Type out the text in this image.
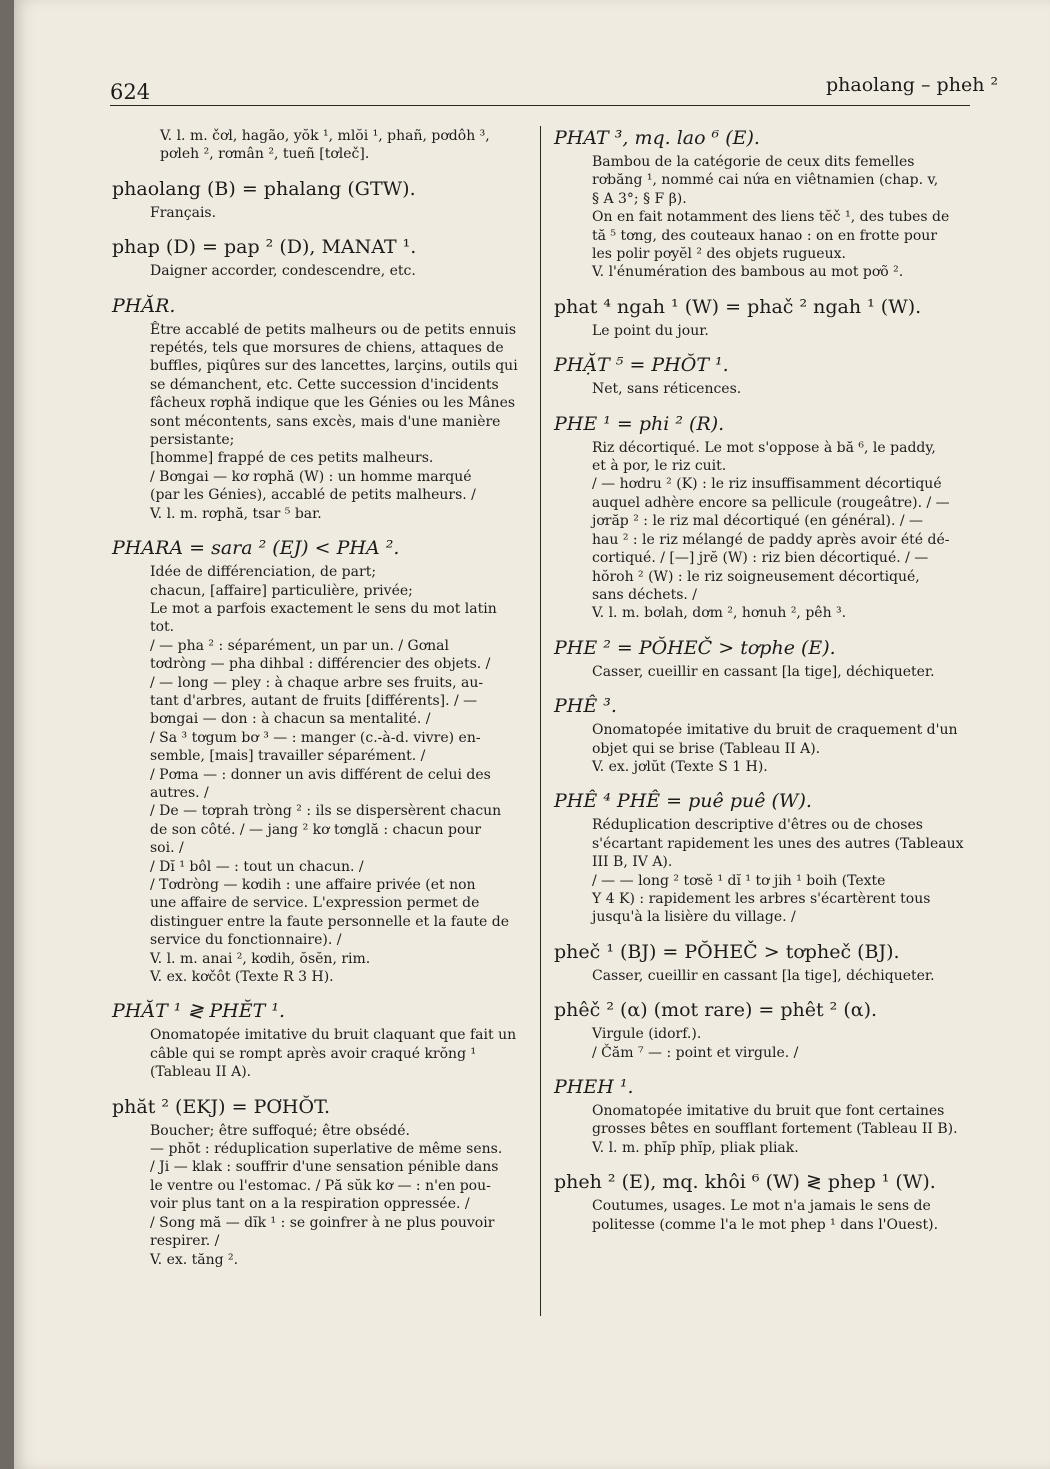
624	phaolang – pheh ²

V. l. m. čơl, hagão, yŏk ¹, mlŏi ¹, phañ, pơdôh ³,

pơleh ², rơmân ², tueñ [tơleč].

phaolang (B) = phalang (GTW).

Français.

phap (D) = pap ² (D), MANAT ¹.

Daigner accorder, condescendre, etc.

PHĂR.

Être accablé de petits malheurs ou de petits ennuis

repétés, tels que morsures de chiens, attaques de

buffles, piqûres sur des lancettes, larçins, outils qui

se démanchent, etc. Cette succession d'incidents

fâcheux rơphă indique que les Génies ou les Mânes

sont mécontents, sans excès, mais d'une manière

persistante;

[homme] frappé de ces petits malheurs.

/ Bơngai — kơ rơphă (W) : un homme marqué

(par les Génies), accablé de petits malheurs. /

V. l. m. rơphă, tsar ⁵ bar.

PHARA = sara ² (EJ) < PHA ².

Idée de différenciation, de part;

chacun, [affaire] particulière, privée;

Le mot a parfois exactement le sens du mot latin

tot.

/ — pha ² : séparément, un par un. / Gơnal

tơdròng — pha dihbal : différencier des objets. /

/ — long — pley : à chaque arbre ses fruits, au-

tant d'arbres, autant de fruits [différents]. / —

bơngai — don : à chacun sa mentalité. /

/ Sa ³ tơgum bơ ³ — : manger (c.-à-d. vivre) en-

semble, [mais] travailler séparément. /

/ Pơma — : donner un avis différent de celui des

autres. /

/ De — tơprah tròng ² : ils se dispersèrent chacun

de son côté. / — jang ² kơ tơnglă : chacun pour

soi. /

/ Dĭ ¹ bôl — : tout un chacun. /

/ Tơdròng — kơdih : une affaire privée (et non

une affaire de service. L'expression permet de

distinguer entre la faute personnelle et la faute de

service du fonctionnaire). /

V. l. m. anai ², kơdih, ŏsĕn, rim.

V. ex. kơčôt (Texte R 3 H).

PHĂT ¹ ≷ PHĔT ¹.

Onomatopée imitative du bruit claquant que fait un

câble qui se rompt après avoir craqué krŏng ¹

(Tableau II A).

phăt ² (EKJ) = PƠHŎT.

Boucher; être suffoqué; être obsédé.

— phŏt : réduplication superlative de même sens.

/ Ji — klak : souffrir d'une sensation pénible dans

le ventre ou l'estomac. / Pă sŭk kơ — : n'en pou-

voir plus tant on a la respiration oppressée. /

/ Song mă — dĭk ¹ : se goinfrer à ne plus pouvoir

respirer. /

V. ex. tăng ².

PHAT ³, mq. lao ⁶ (E).

Bambou de la catégorie de ceux dits femelles

rơbăng ¹, nommé cai nứa en viêtnamien (chap. v,

§ A 3°; § F β).

On en fait notamment des liens tĕč ¹, des tubes de

tă ⁵ tơng, des couteaux hanao : on en frotte pour

les polir pơyĕl ² des objets rugueux.

V. l'énumération des bambous au mot pơõ ².

phat ⁴ ngah ¹ (W) = phač ² ngah ¹ (W).

Le point du jour.

PHẶT ⁵ = PHŎT ¹.

Net, sans réticences.

PHE ¹ = phi ² (R).

Riz décortiqué. Le mot s'oppose à bă ⁶, le paddy,

et à por, le riz cuit.

/ — hơdru ² (K) : le riz insuffisamment décortiqué

auquel adhère encore sa pellicule (rougeâtre). / —

jơrăp ² : le riz mal décortiqué (en général). / —

hau ² : le riz mélangé de paddy après avoir été dé-

cortiqué. / [—] jrĕ (W) : riz bien décortiqué. / —

hŏroh ² (W) : le riz soigneusement décortiqué,

sans déchets. /

V. l. m. bơlah, dơm ², hơnuh ², pêh ³.

PHE ² = PŎHEČ > tơphe (E).

Casser, cueillir en cassant [la tige], déchiqueter.

PHÊ ³.

Onomatopée imitative du bruit de craquement d'un

objet qui se brise (Tableau II A).

V. ex. jơlŭt (Texte S 1 H).

PHÊ ⁴ PHÊ = puê puê (W).

Réduplication descriptive d'êtres ou de choses

s'écartant rapidement les unes des autres (Tableaux

III B, IV A).

/ — — long ² tơsĕ ¹ dĭ ¹ tơ jih ¹ boih (Texte

Y 4 K) : rapidement les arbres s'écartèrent tous

jusqu'à la lisière du village. /

pheč ¹ (BJ) = PŎHEČ > tơpheč (BJ).

Casser, cueillir en cassant [la tige], déchiqueter.

phêč ² (α) (mot rare) = phêt ² (α).

Virgule (idorf.).

/ Čăm ⁷ — : point et virgule. /

PHEH ¹.

Onomatopée imitative du bruit que font certaines

grosses bêtes en soufflant fortement (Tableau II B).

V. l. m. phĭp phĭp, pliak pliak.

pheh ² (E), mq. khôi ⁶ (W) ≷ phep ¹ (W).

Coutumes, usages. Le mot n'a jamais le sens de

politesse (comme l'a le mot phep ¹ dans l'Ouest).
